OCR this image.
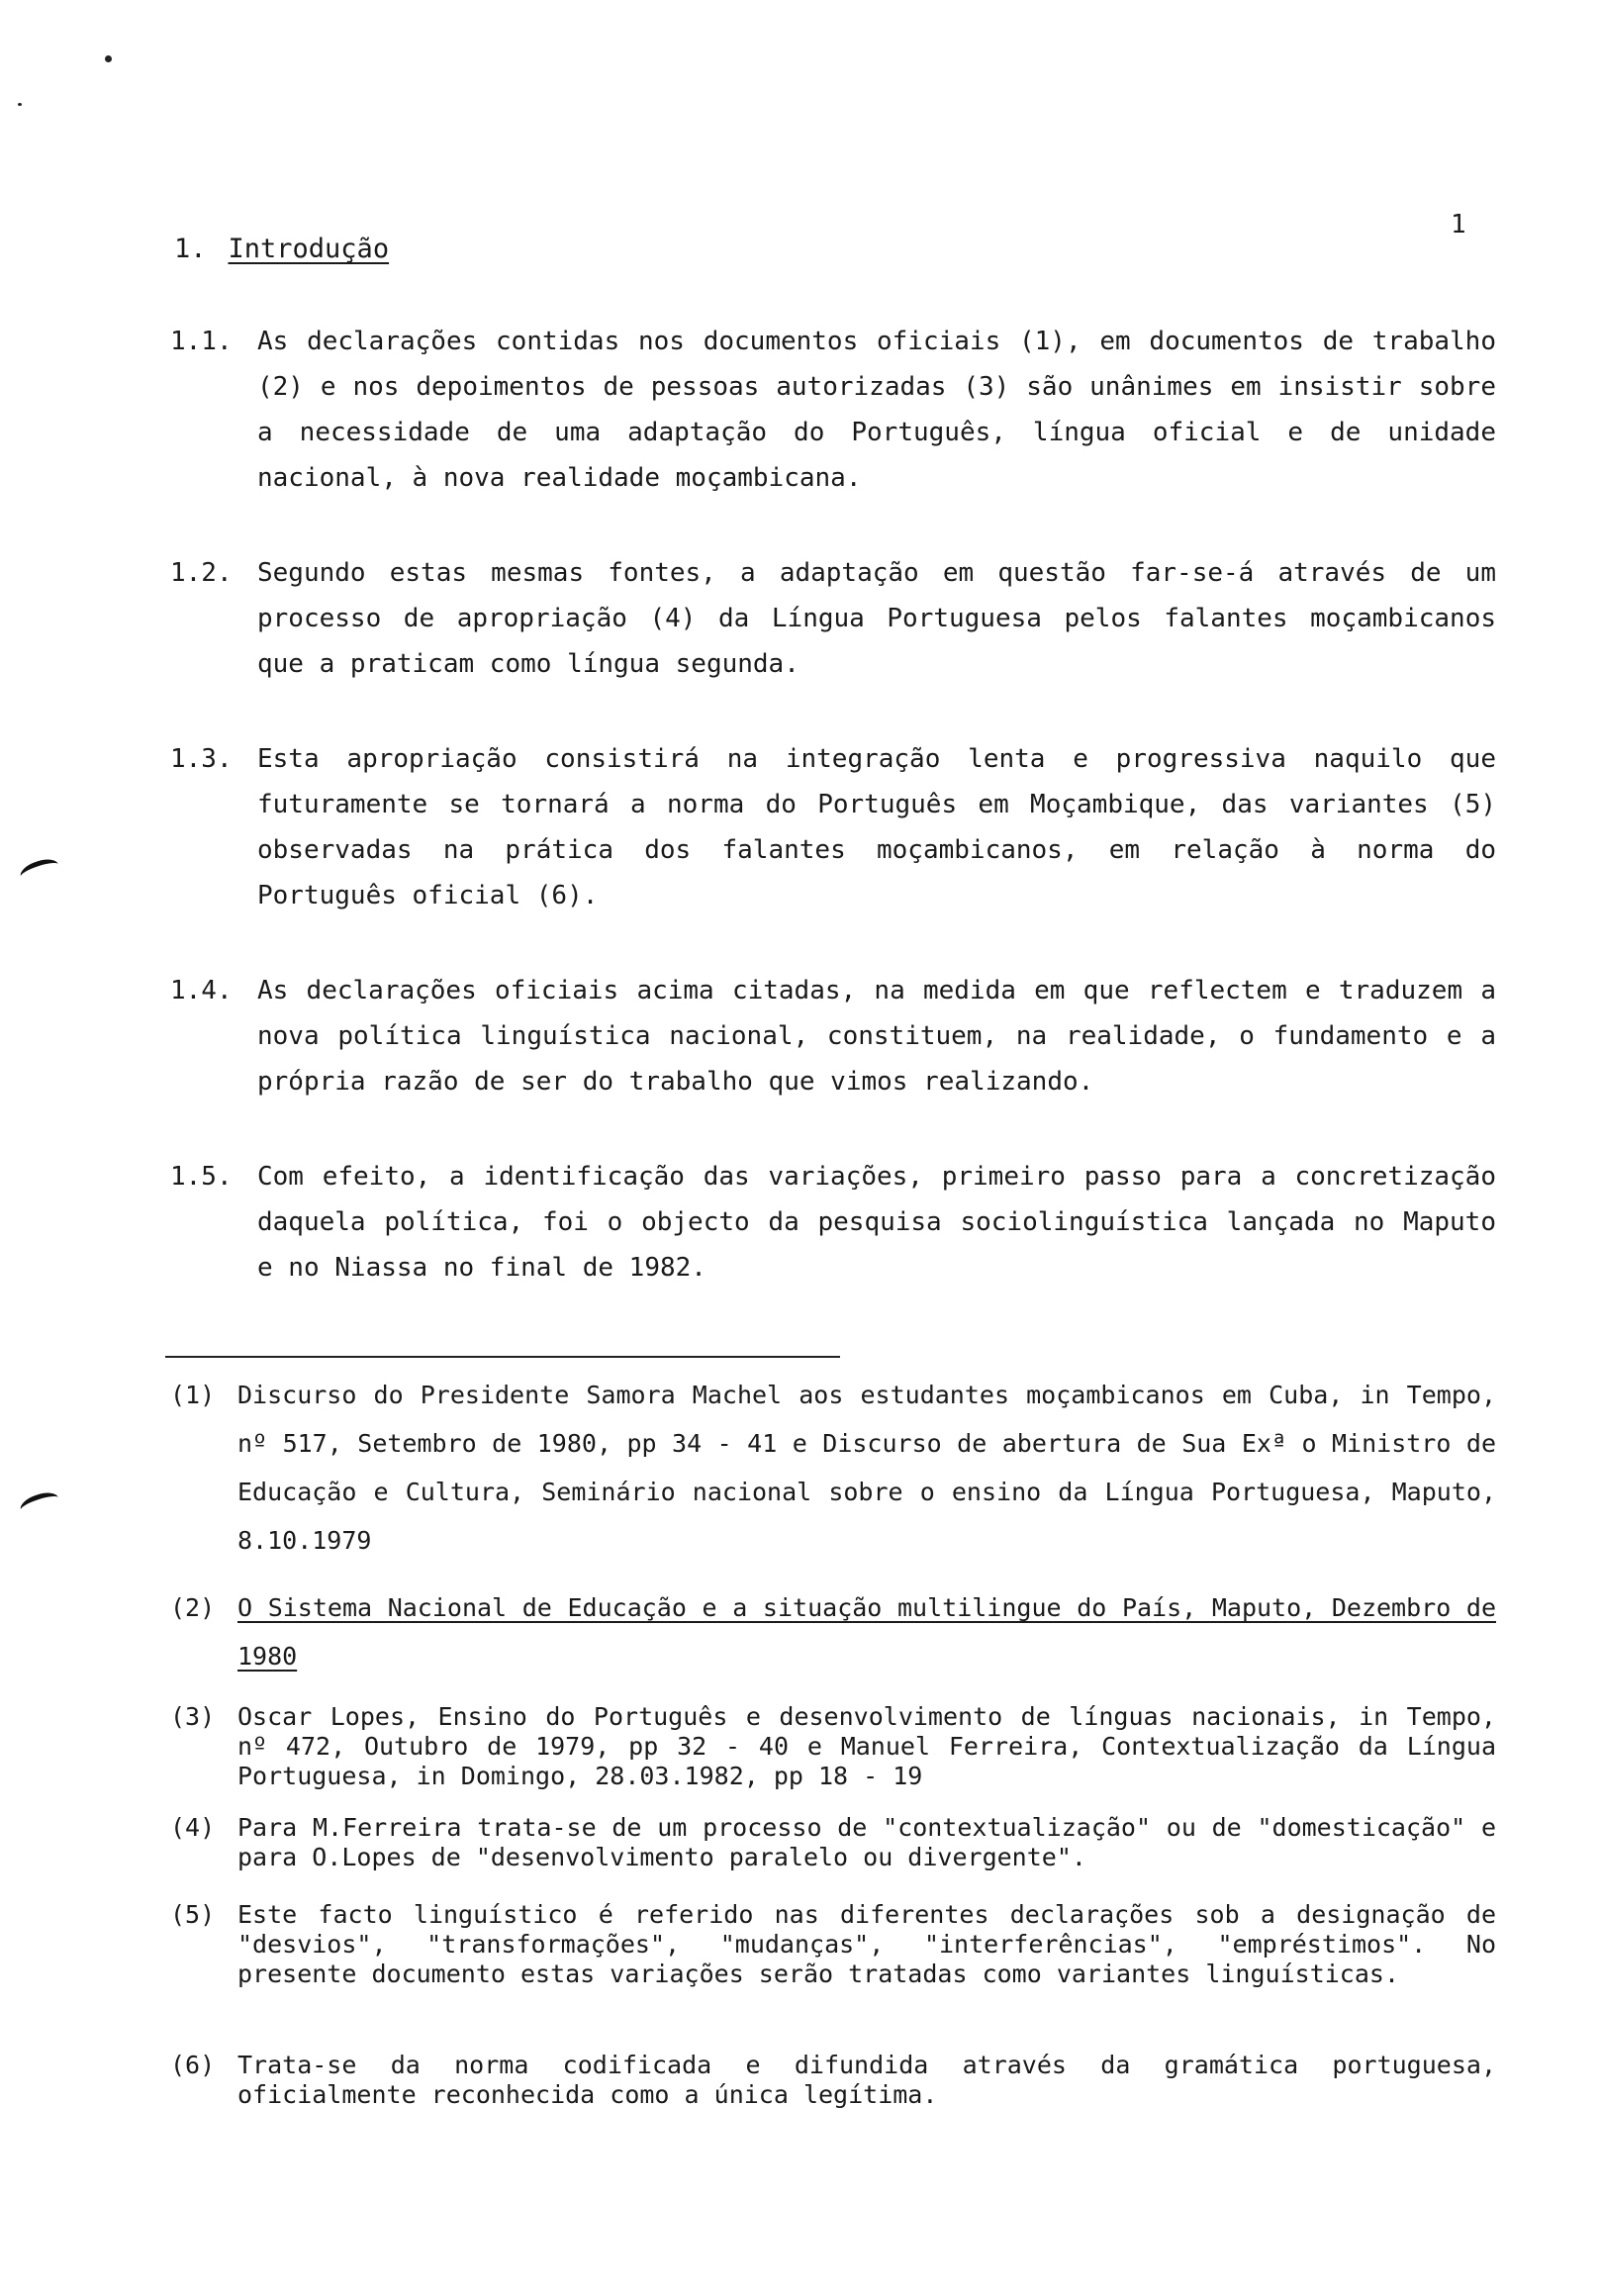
1
1. Introdução
1.1. As declarações contidas nos documentos oficiais (1), em documentos de trabalho (2) e nos depoimentos de pessoas autorizadas (3) são unânimes em insistir sobre a necessidade de uma adaptação do Português, língua oficial e de unidade nacional, à nova realidade moçambicana.
1.2. Segundo estas mesmas fontes, a adaptação em questão far-se-á através de um processo de apropriação (4) da Língua Portuguesa pelos falantes moçambicanos que a praticam como língua segunda.
1.3. Esta apropriação consistirá na integração lenta e progressiva naquilo que futuramente se tornará a norma do Português em Moçambique, das variantes (5) observadas na prática dos falantes moçambicanos, em relação à norma do Português oficial (6).
1.4. As declarações oficiais acima citadas, na medida em que reflectem e traduzem a nova política linguística nacional, constituem, na realidade, o fundamento e a própria razão de ser do trabalho que vimos realizando.
1.5. Com efeito, a identificação das variações, primeiro passo para a concretização daquela política, foi o objecto da pesquisa sociolinguística lançada no Maputo e no Niassa no final de 1982.
(1) Discurso do Presidente Samora Machel aos estudantes moçambicanos em Cuba, in Tempo, nº 517, Setembro de 1980, pp 34 - 41 e Discurso de abertura de Sua Exª o Ministro de Educação e Cultura, Seminário nacional sobre o ensino da Língua Portuguesa, Maputo, 8.10.1979
(2) O Sistema Nacional de Educação e a situação multilingue do País, Maputo, Dezembro de 1980
(3) Oscar Lopes, Ensino do Português e desenvolvimento de línguas nacionais, in Tempo, nº 472, Outubro de 1979, pp 32 - 40 e Manuel Ferreira, Contextualização da Língua Portuguesa, in Domingo, 28.03.1982, pp 18 - 19
(4) Para M.Ferreira trata-se de um processo de "contextualização" ou de "domesticação" e para O.Lopes de "desenvolvimento paralelo ou divergente".
(5) Este facto linguístico é referido nas diferentes declarações sob a designação de "desvios", "transformações", "mudanças", "interferências", "empréstimos". No presente documento estas variações serão tratadas como variantes linguísticas.
(6) Trata-se da norma codificada e difundida através da gramática portuguesa, oficialmente reconhecida como a única legítima.
